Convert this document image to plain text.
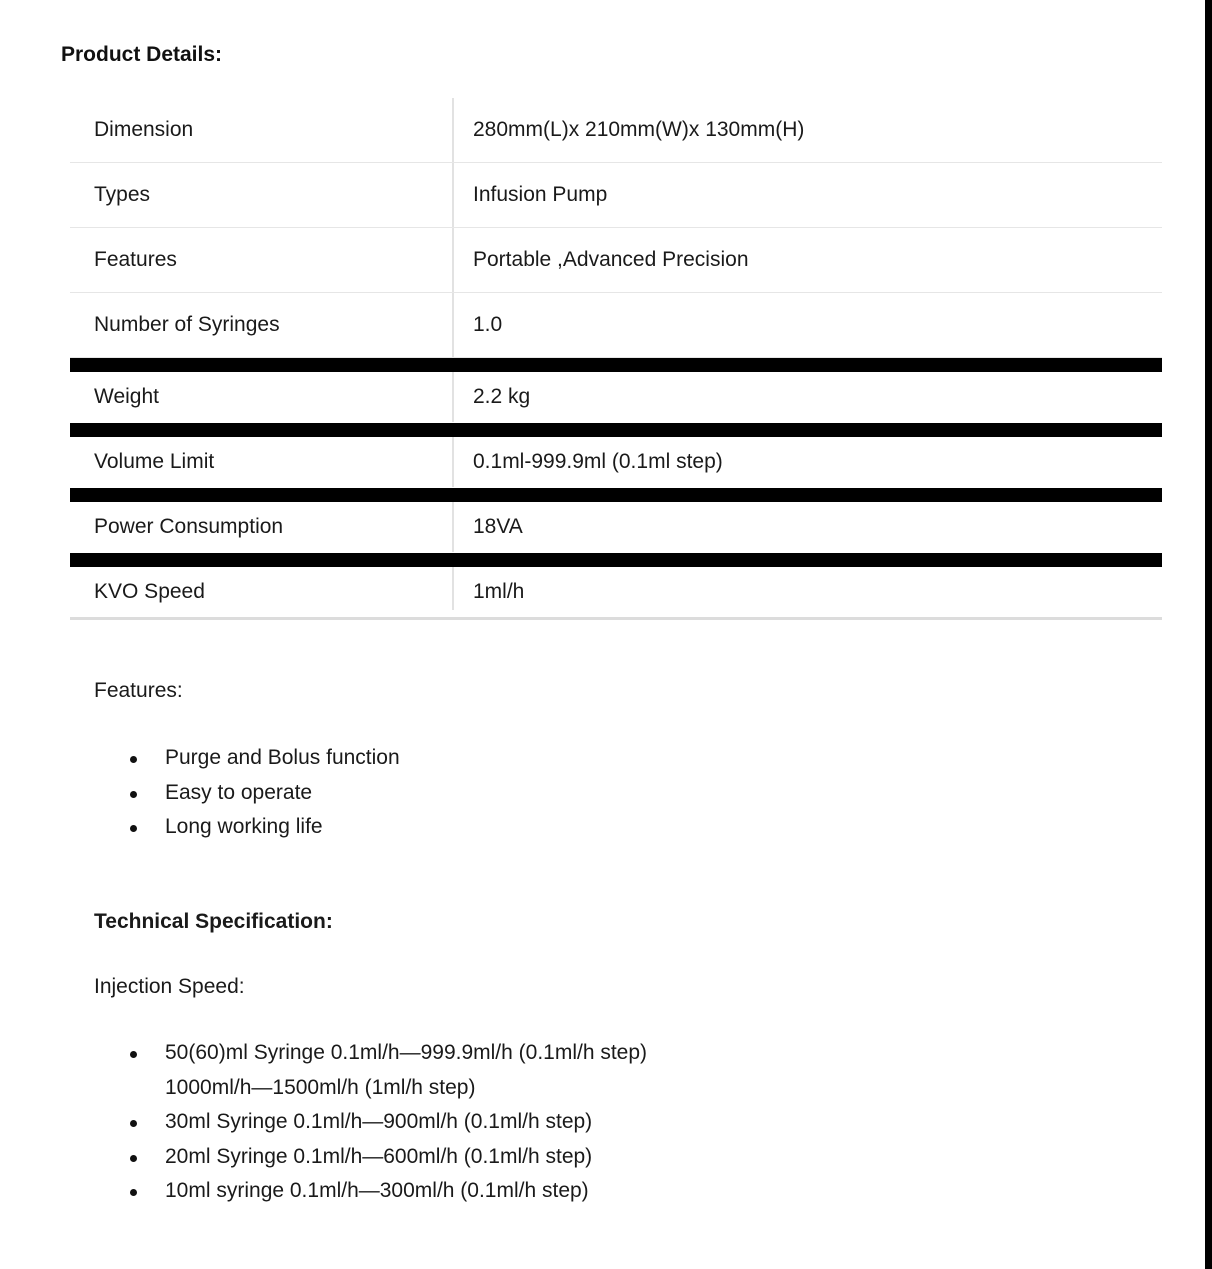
Product Details:
Dimension	280mm(L)x 210mm(W)x 130mm(H)
Types	Infusion Pump
Features	Portable ,Advanced Precision
Number of Syringes	1.0
Weight	2.2 kg
Volume Limit	0.1ml-999.9ml (0.1ml step)
Power Consumption	18VA
KVO Speed	1ml/h
Features:
Purge and Bolus function
Easy to operate
Long working life
Technical Specification:
Injection Speed:
50(60)ml Syringe 0.1ml/h—999.9ml/h (0.1ml/h step)
1000ml/h—1500ml/h (1ml/h step)
30ml Syringe 0.1ml/h—900ml/h (0.1ml/h step)
20ml Syringe 0.1ml/h—600ml/h (0.1ml/h step)
10ml syringe 0.1ml/h—300ml/h (0.1ml/h step)
